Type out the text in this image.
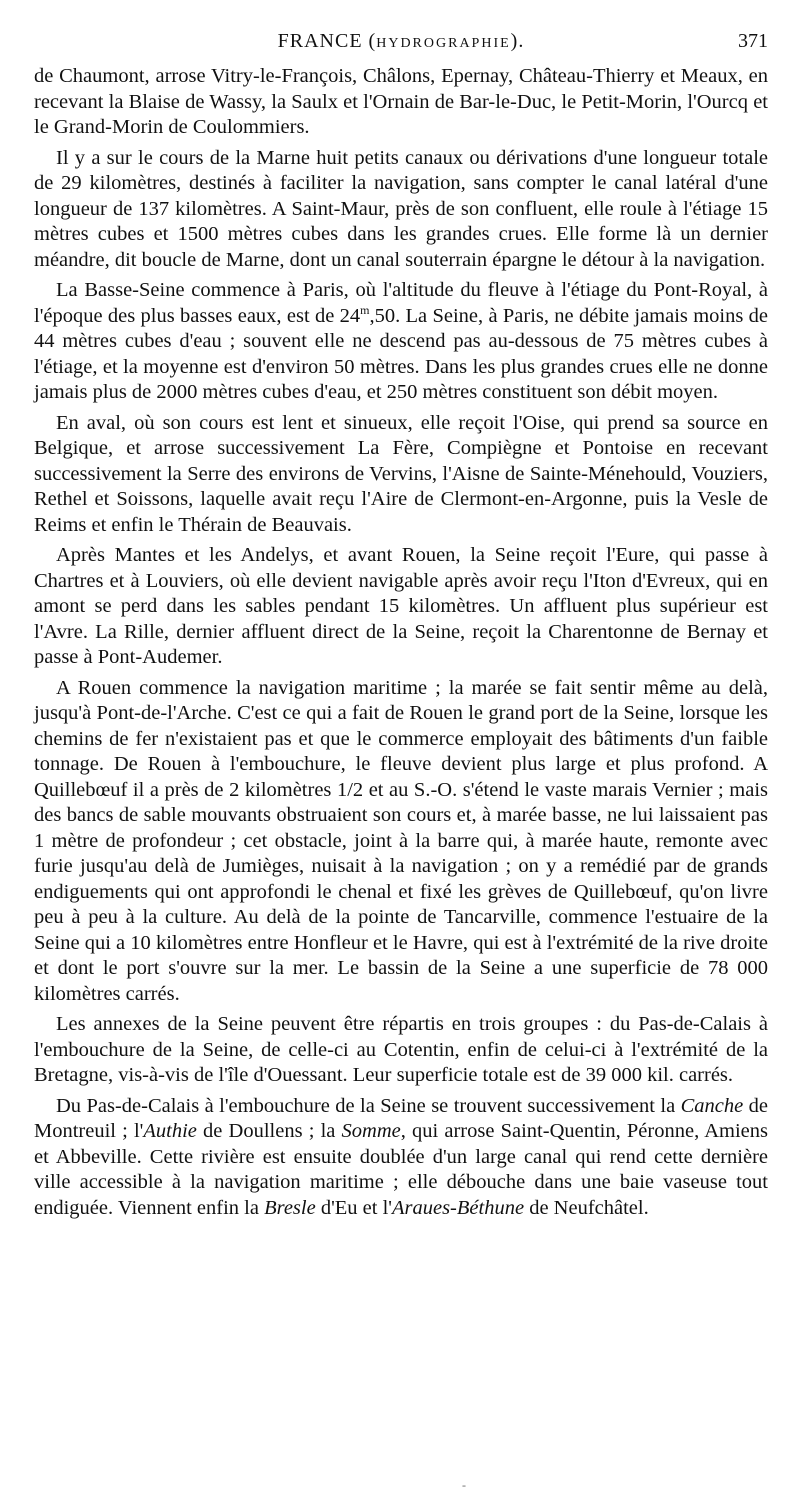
FRANCE (HYDROGRAPHIE).	371

de Chaumont, arrose Vitry-le-François, Châlons, Epernay, Château-Thierry et Meaux, en recevant la Blaise de Wassy, la Saulx et l'Ornain de Bar-le-Duc, le Petit-Morin, l'Ourcq et le Grand-Morin de Coulommiers.

Il y a sur le cours de la Marne huit petits canaux ou dérivations d'une longueur totale de 29 kilomètres, destinés à faciliter la navigation, sans compter le canal latéral d'une longueur de 137 kilomètres. A Saint-Maur, près de son confluent, elle roule à l'étiage 15 mètres cubes et 1500 mètres cubes dans les grandes crues. Elle forme là un dernier méandre, dit boucle de Marne, dont un canal souterrain épargne le détour à la navigation.

La Basse-Seine commence à Paris, où l'altitude du fleuve à l'étiage du Pont-Royal, à l'époque des plus basses eaux, est de 24$^m$,50. La Seine, à Paris, ne débite jamais moins de 44 mètres cubes d'eau ; souvent elle ne descend pas au-dessous de 75 mètres cubes à l'étiage, et la moyenne est d'environ 50 mètres. Dans les plus grandes crues elle ne donne jamais plus de 2000 mètres cubes d'eau, et 250 mètres constituent son débit moyen.

En aval, où son cours est lent et sinueux, elle reçoit l'Oise, qui prend sa source en Belgique, et arrose successivement La Fère, Compiègne et Pontoise en recevant successivement la Serre des environs de Vervins, l'Aisne de Sainte-Ménehould, Vouziers, Rethel et Soissons, laquelle avait reçu l'Aire de Clermont-en-Argonne, puis la Vesle de Reims et enfin le Thérain de Beauvais.

Après Mantes et les Andelys, et avant Rouen, la Seine reçoit l'Eure, qui passe à Chartres et à Louviers, où elle devient navigable après avoir reçu l'Iton d'Evreux, qui en amont se perd dans les sables pendant 15 kilomètres. Un affluent plus supérieur est l'Avre. La Rille, dernier affluent direct de la Seine, reçoit la Charentonne de Bernay et passe à Pont-Audemer.

A Rouen commence la navigation maritime ; la marée se fait sentir même au delà, jusqu'à Pont-de-l'Arche. C'est ce qui a fait de Rouen le grand port de la Seine, lorsque les chemins de fer n'existaient pas et que le commerce employait des bâtiments d'un faible tonnage. De Rouen à l'embouchure, le fleuve devient plus large et plus profond. A Quillebœuf il a près de 2 kilomètres 1/2 et au S.-O. s'étend le vaste marais Vernier ; mais des bancs de sable mouvants obstruaient son cours et, à marée basse, ne lui laissaient pas 1 mètre de profondeur ; cet obstacle, joint à la barre qui, à marée haute, remonte avec furie jusqu'au delà de Jumièges, nuisait à la navigation ; on y a remédié par de grands endiguements qui ont approfondi le chenal et fixé les grèves de Quillebœuf, qu'on livre peu à peu à la culture. Au delà de la pointe de Tancarville, commence l'estuaire de la Seine qui a 10 kilomètres entre Honfleur et le Havre, qui est à l'extrémité de la rive droite et dont le port s'ouvre sur la mer. Le bassin de la Seine a une superficie de 78 000 kilomètres carrés.

Les annexes de la Seine peuvent être répartis en trois groupes : du Pas-de-Calais à l'embouchure de la Seine, de celle-ci au Cotentin, enfin de celui-ci à l'extrémité de la Bretagne, vis-à-vis de l'île d'Ouessant. Leur superficie totale est de 39 000 kil. carrés.

Du Pas-de-Calais à l'embouchure de la Seine se trouvent successivement la Canche de Montreuil ; l'Authie de Doullens ; la Somme, qui arrose Saint-Quentin, Péronne, Amiens et Abbeville. Cette rivière est ensuite doublée d'un large canal qui rend cette dernière ville accessible à la navigation maritime ; elle débouche dans une baie vaseuse tout endiguée. Viennent enfin la Bresle d'Eu et l'Araues-Béthune de Neufchâtel.

-
